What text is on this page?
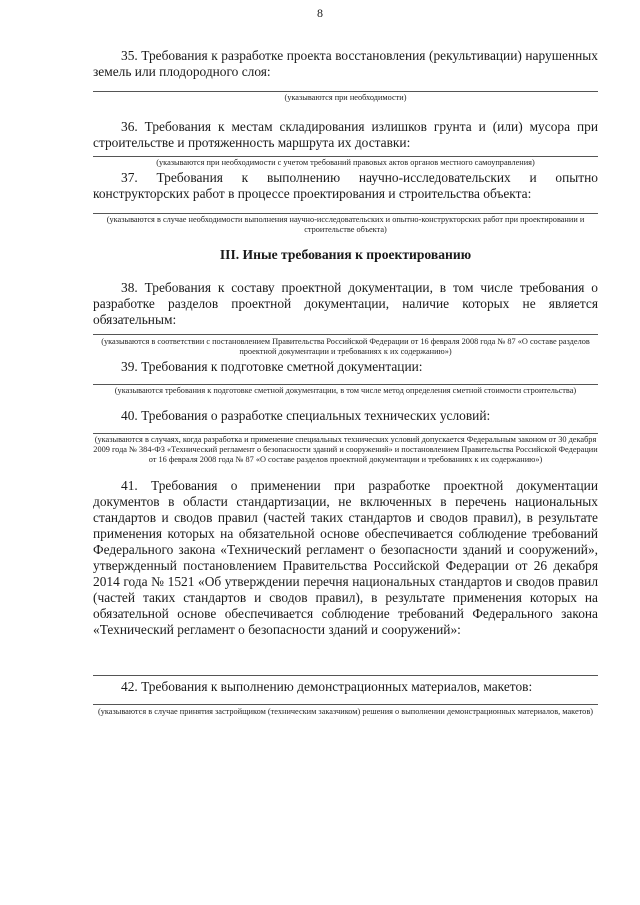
8

35. Требования к разработке проекта восстановления (рекультивации) нарушенных земель или плодородного слоя:

(указываются при необходимости)

36. Требования к местам складирования излишков грунта и (или) мусора при строительстве и протяженность маршрута их доставки:

(указываются при необходимости с учетом требований правовых актов органов местного самоуправления)

37. Требования к выполнению научно-исследовательских и опытно конструкторских работ в процессе проектирования и строительства объекта:

(указываются в случае необходимости выполнения научно-исследовательских и опытно-конструкторских работ при проектировании и строительстве объекта)

III. Иные требования к проектированию

38. Требования к составу проектной документации, в том числе требования о разработке разделов проектной документации, наличие которых не является обязательным:

(указываются в соответствии с постановлением Правительства Российской Федерации от 16 февраля 2008 года № 87 «О составе разделов проектной документации и требованиях к их содержанию»)

39. Требования к подготовке сметной документации:

(указываются требования к подготовке сметной документации, в том числе метод определения сметной стоимости строительства)

40. Требования о разработке специальных технических условий:

(указываются в случаях, когда разработка и применение специальных технических условий допускается Федеральным законом от 30 декабря 2009 года № 384-ФЗ «Технический регламент о безопасности зданий и сооружений» и постановлением Правительства Российской Федерации от 16 февраля 2008 года № 87 «О составе разделов проектной документации и требованиях к их содержанию»)

41. Требования о применении при разработке проектной документации документов в области стандартизации, не включенных в перечень национальных стандартов и сводов правил (частей таких стандартов и сводов правил), в результате применения которых на обязательной основе обеспечивается соблюдение требований Федерального закона «Технический регламент о безопасности зданий и сооружений», утвержденный постановлением Правительства Российской Федерации от 26 декабря 2014 года № 1521 «Об утверждении перечня национальных стандартов и сводов правил (частей таких стандартов и сводов правил), в результате применения которых на обязательной основе обеспечивается соблюдение требований Федерального закона «Технический регламент о безопасности зданий и сооружений»:

42. Требования к выполнению демонстрационных материалов, макетов:

(указываются в случае принятия застройщиком (техническим заказчиком) решения о выполнении демонстрационных материалов, макетов)
